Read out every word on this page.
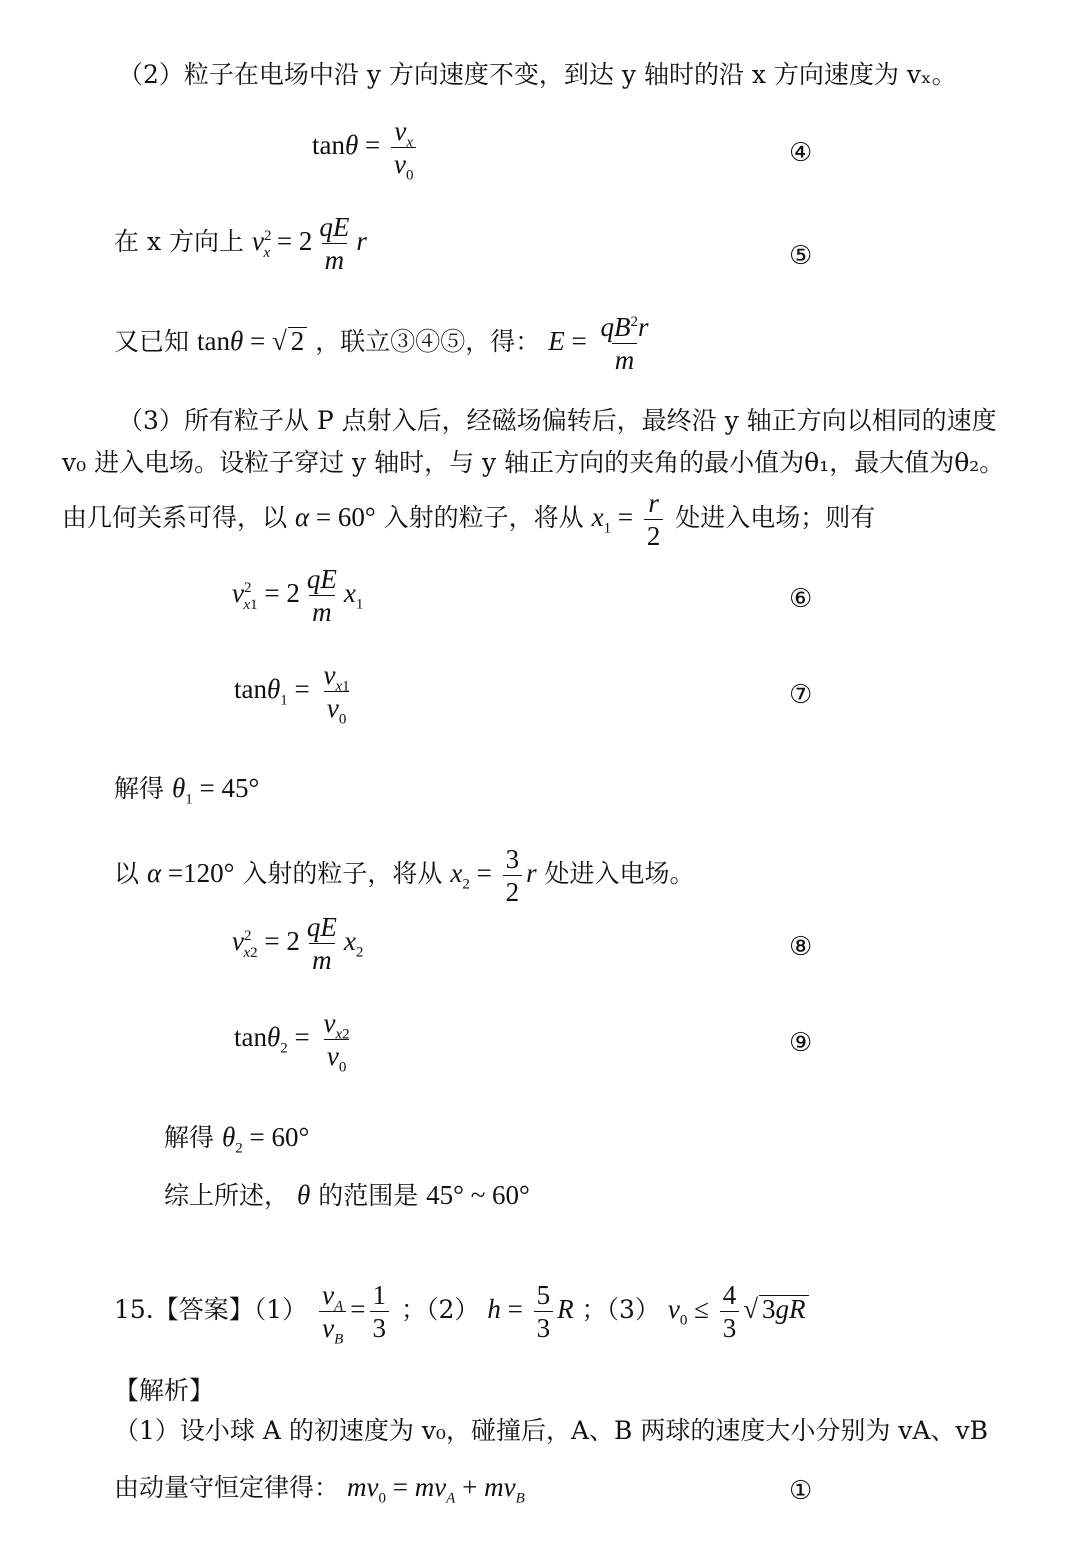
（2）粒子在电场中沿 y 方向速度不变，到达 y 轴时的沿 x 方向速度为 vₓ。
$\tan\theta = \frac{v_x}{v_0}$	④
在 x 方向上 $v^2_x = 2 \frac{qE}{m}$ r	⑤
又已知 tanθ = √ 2 ，联立③④⑤，得： $E = \frac{qB^2r}{m}$
（3）所有粒子从 P 点射入后，经磁场偏转后，最终沿 y 轴正方向以相同的速度
v₀ 进入电场。设粒子穿过 y 轴时，与 y 轴正方向的夹角的最小值为θ₁，最大值为θ₂。
由几何关系可得，以 α = 60° 入射的粒子，将从 $x_1 = \frac{r}{2}$ 处进入电场；则有
$v^2_{x1} = 2 \frac{qE}{m} x_1$	⑥
$\tan\theta_1 = \frac{v_{x1}}{v_0}$	⑦
解得 $\theta_1 = 45^\circ$
以 α =120° 入射的粒子，将从 $x_2 = \frac{3}{2}$ r 处进入电场。
$v^2_{x2} = 2 \frac{qE}{m} x_2$	⑧
$\tan\theta_2 = \frac{v_{x2}}{v_0}$	⑨
解得 $\theta_2 = 60^\circ$
综上所述， θ 的范围是 45° ~ 60°
15.【答案】$(1) \frac{v_A}{v_B} = \frac{1}{3}$ ；（2） $h = \frac{5}{3}$ R ；（3） $v_0 \le \frac{4}{3}$ √ 3gR
【解析】
（1）设小球 A 的初速度为 v₀，碰撞后，A、B 两球的速度大小分别为 vA、vB
由动量守恒定律得： $mv_0 = mv_A + mv_B$	①
